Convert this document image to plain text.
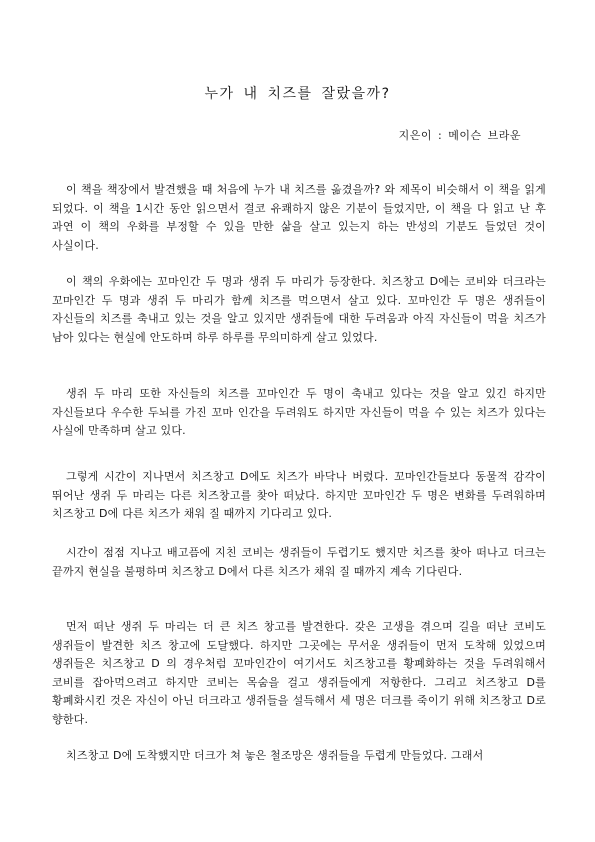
누가 내 치즈를 잘랐을까?
지은이 : 메이슨 브라운

이 책을 책장에서 발견했을 때 처음에 누가 내 치즈를 옮겼을까? 와 제목이 비슷해서 이 책을 읽게 되었다. 이 책을 1시간 동안 읽으면서 결코 유쾌하지 않은 기분이 들었지만, 이 책을 다 읽고 난 후 과연 이 책의 우화를 부정할 수 있을 만한 삶을 살고 있는지 하는 반성의 기분도 들었던 것이 사실이다.

이 책의 우화에는 꼬마인간 두 명과 생쥐 두 마리가 등장한다. 치즈창고 D에는 코비와 더크라는 꼬마인간 두 명과 생쥐 두 마리가 함께 치즈를 먹으면서 살고 있다. 꼬마인간 두 명은 생쥐들이 자신들의 치즈를 축내고 있는 것을 알고 있지만 생쥐들에 대한 두려움과 아직 자신들이 먹을 치즈가 남아 있다는 현실에 안도하며 하루 하루를 무의미하게 살고 있었다.

생쥐 두 마리 또한 자신들의 치즈를 꼬마인간 두 명이 축내고 있다는 것을 알고 있긴 하지만 자신들보다 우수한 두뇌를 가진 꼬마 인간을 두려워도 하지만 자신들이 먹을 수 있는 치즈가 있다는 사실에 만족하며 살고 있다.

그렇게 시간이 지나면서 치즈창고 D에도 치즈가 바닥나 버렸다. 꼬마인간들보다 동물적 감각이 뛰어난 생쥐 두 마리는 다른 치즈창고를 찾아 떠났다. 하지만 꼬마인간 두 명은 변화를 두려워하며 치즈창고 D에 다른 치즈가 채워 질 때까지 기다리고 있다.

시간이 점점 지나고 배고픔에 지친 코비는 생쥐들이 두렵기도 했지만 치즈를 찾아 떠나고 더크는 끝까지 현실을 불평하며 치즈창고 D에서 다른 치즈가 채워 질 때까지 계속 기다린다.

먼저 떠난 생쥐 두 마리는 더 큰 치즈 창고를 발견한다. 갖은 고생을 겪으며 길을 떠난 코비도 생쥐들이 발견한 치즈 창고에 도달했다. 하지만 그곳에는 무서운 생쥐들이 먼저 도착해 있었으며 생쥐들은 치즈창고 D 의 경우처럼 꼬마인간이 여기서도 치즈창고를 황폐화하는 것을 두려워해서 코비를 잡아먹으려고 하지만 코비는 목숨을 걸고 생쥐들에게 저항한다. 그리고 치즈창고 D를 황폐화시킨 것은 자신이 아닌 더크라고 생쥐들을 설득해서 세 명은 더크를 죽이기 위해 치즈창고 D로 향한다.

치즈창고 D에 도착했지만 더크가 쳐 놓은 철조망은 생쥐들을 두렵게 만들었다. 그래서
